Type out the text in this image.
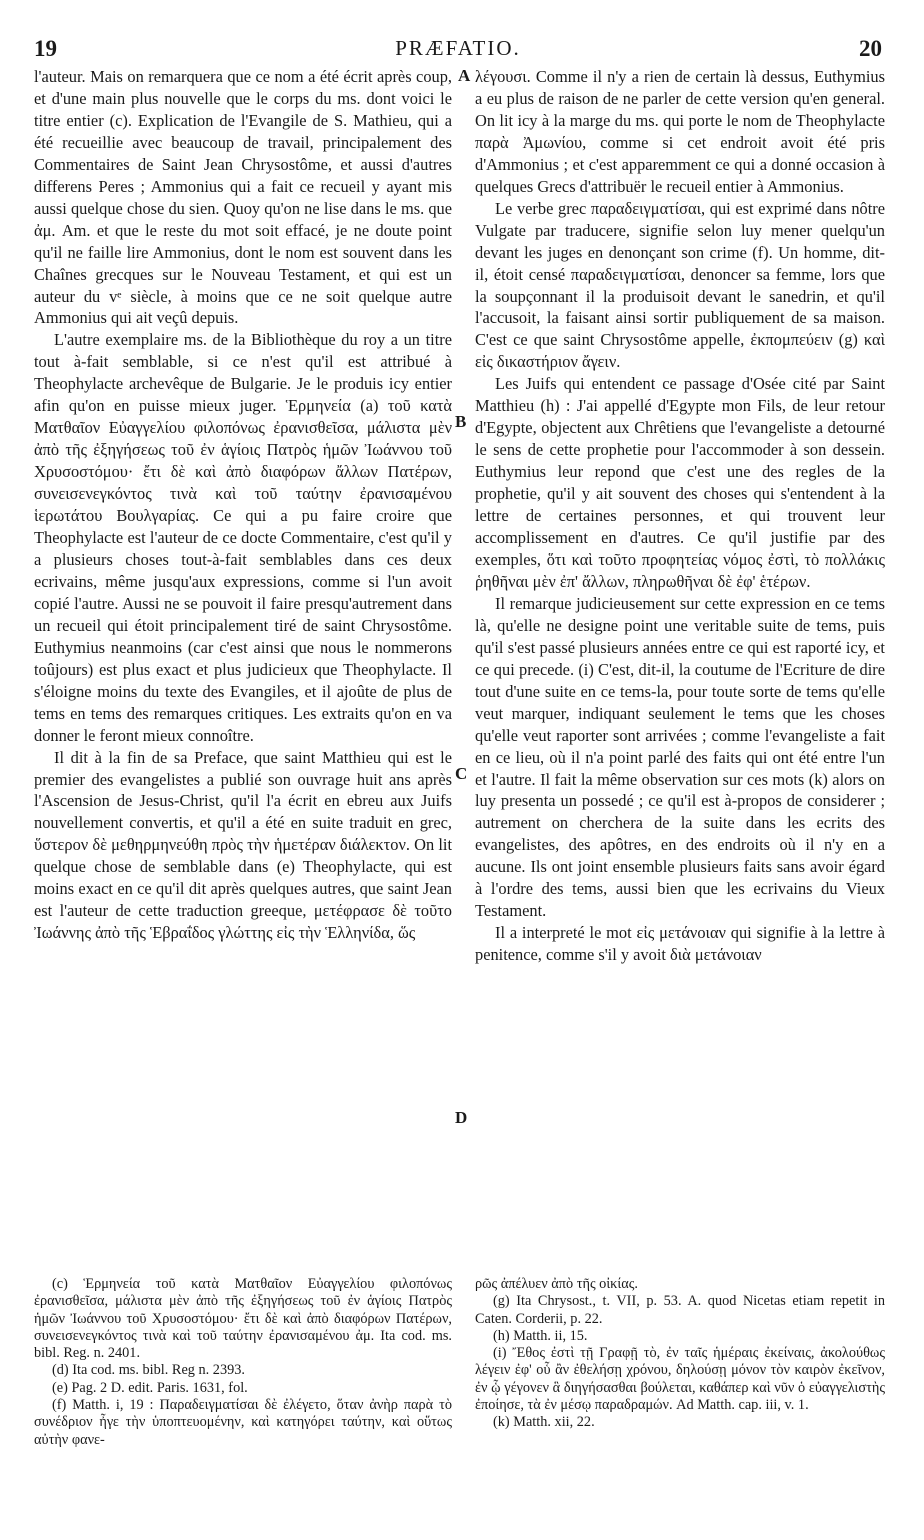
19	PRÆFATIO.	20

l'auteur. Mais on remarquera que ce nom a été écrit après coup, et d'une main plus nouvelle que le corps du ms. dont voici le titre entier (c). Explication de l'Evangile de S. Mathieu, qui a été recueillie avec beaucoup de travail, principalement des Commentaires de Saint Jean Chrysostôme, et aussi d'autres differens Peres ; Ammonius qui a fait ce recueil y ayant mis aussi quelque chose du sien. Quoy qu'on ne lise dans le ms. que ἀμ. Am. et que le reste du mot soit effacé, je ne doute point qu'il ne faille lire Ammonius, dont le nom est souvent dans les Chaînes grecques sur le Nouveau Testament, et qui est un auteur du vᵉ siècle, à moins que ce ne soit quelque autre Ammonius qui ait veçû depuis.

L'autre exemplaire ms. de la Bibliothèque du roy a un titre tout à-fait semblable, si ce n'est qu'il est attribué à Theophylacte archevêque de Bulgarie. Je le produis icy entier afin qu'on en puisse mieux juger. Ἑρμηνεία (a) τοῦ κατὰ Ματθαῖον Εὐαγγελίου φιλοπόνως ἐρανισθεῖσα, μάλιστα μὲν ἀπὸ τῆς ἐξηγήσεως τοῦ ἐν ἁγίοις Πατρὸς ἡμῶν Ἰωάννου τοῦ Χρυσοστόμου· ἔτι δὲ καὶ ἀπὸ διαφόρων ἄλλων Πατέρων, συνεισενεγκόντος τινὰ καὶ τοῦ ταύτην ἐρανισαμένου ἱερωτάτου Βουλγαρίας. Ce qui a pu faire croire que Theophylacte est l'auteur de ce docte Commentaire, c'est qu'il y a plusieurs choses tout-à-fait semblables dans ces deux ecrivains, même jusqu'aux expressions, comme si l'un avoit copié l'autre. Aussi ne se pouvoit il faire presqu'autrement dans un recueil qui étoit principalement tiré de saint Chrysostôme. Euthymius neanmoins (car c'est ainsi que nous le nommerons toûjours) est plus exact et plus judicieux que Theophylacte. Il s'éloigne moins du texte des Evangiles, et il ajoûte de plus de tems en tems des remarques critiques. Les extraits qu'on en va donner le feront mieux connoître.

Il dit à la fin de sa Preface, que saint Matthieu qui est le premier des evangelistes a publié son ouvrage huit ans après l'Ascension de Jesus-Christ, qu'il l'a écrit en ebreu aux Juifs nouvellement convertis, et qu'il a été en suite traduit en grec, ὕστερον δὲ μεθηρμηνεύθη πρὸς τὴν ἡμετέραν διάλεκτον. On lit quelque chose de semblable dans (e) Theophylacte, qui est moins exact en ce qu'il dit après quelques autres, que saint Jean est l'auteur de cette traduction greeque, μετέφρασε δὲ τοῦτο Ἰωάννης ἀπὸ τῆς Ἑβραΐδος γλώττης εἰς τὴν Ἑλληνίδα, ὥς

A
B
C
D

λέγουσι. Comme il n'y a rien de certain là dessus, Euthymius a eu plus de raison de ne parler de cette version qu'en general. On lit icy à la marge du ms. qui porte le nom de Theophylacte παρὰ Ἀμωνίου, comme si cet endroit avoit été pris d'Ammonius ; et c'est apparemment ce qui a donné occasion à quelques Grecs d'attribuër le recueil entier à Ammonius.

Le verbe grec παραδειγματίσαι, qui est exprimé dans nôtre Vulgate par traducere, signifie selon luy mener quelqu'un devant les juges en denonçant son crime (f). Un homme, dit-il, étoit censé παραδειγματίσαι, denoncer sa femme, lors que la soupçonnant il la produisoit devant le sanedrin, et qu'il l'accusoit, la faisant ainsi sortir publiquement de sa maison. C'est ce que saint Chrysostôme appelle, ἐκπομπεύειν (g) καὶ εἰς δικαστήριον ἄγειν.

Les Juifs qui entendent ce passage d'Osée cité par Saint Matthieu (h) : J'ai appellé d'Egypte mon Fils, de leur retour d'Egypte, objectent aux Chrêtiens que l'evangeliste a detourné le sens de cette prophetie pour l'accommoder à son dessein. Euthymius leur repond que c'est une des regles de la prophetie, qu'il y ait souvent des choses qui s'entendent à la lettre de certaines personnes, et qui trouvent leur accomplissement en d'autres. Ce qu'il justifie par des exemples, ὅτι καὶ τοῦτο προφητείας νόμος ἐστὶ, τὸ πολλάκις ῥηθῆναι μὲν ἐπ' ἄλλων, πληρωθῆναι δὲ ἐφ' ἑτέρων.

Il remarque judicieusement sur cette expression en ce tems là, qu'elle ne designe point une veritable suite de tems, puis qu'il s'est passé plusieurs années entre ce qui est raporté icy, et ce qui precede. (i) C'est, dit-il, la coutume de l'Ecriture de dire tout d'une suite en ce tems-la, pour toute sorte de tems qu'elle veut marquer, indiquant seulement le tems que les choses qu'elle veut raporter sont arrivées ; comme l'evangeliste a fait en ce lieu, où il n'a point parlé des faits qui ont été entre l'un et l'autre. Il fait la même observation sur ces mots (k) alors on luy presenta un possedé ; ce qu'il est à-propos de considerer ; autrement on cherchera de la suite dans les ecrits des evangelistes, des apôtres, en des endroits où il n'y en a aucune. Ils ont joint ensemble plusieurs faits sans avoir égard à l'ordre des tems, aussi bien que les ecrivains du Vieux Testament.

Il a interpreté le mot εἰς μετάνοιαν qui signifie à la lettre à penitence, comme s'il y avoit διὰ μετάνοιαν

(c) Ἑρμηνεία τοῦ κατὰ Ματθαῖον Εὐαγγελίου φιλοπόνως ἐρανισθεῖσα, μάλιστα μὲν ἀπὸ τῆς ἐξηγήσεως τοῦ ἐν ἁγίοις Πατρὸς ἡμῶν Ἰωάννου τοῦ Χρυσοστόμου· ἔτι δὲ καὶ ἀπὸ διαφόρων Πατέρων, συνεισενεγκόντος τινὰ καὶ τοῦ ταύτην ἐρανισαμένου ἀμ. Ita cod. ms. bibl. Reg. n. 2401.

(d) Ita cod. ms. bibl. Reg n. 2393.

(e) Pag. 2 D. edit. Paris. 1631, fol.

(f) Matth. i, 19 : Παραδειγματίσαι δὲ ἐλέγετο, ὅταν ἀνὴρ παρὰ τὸ συνέδριον ἦγε τὴν ὑποπτευομένην, καὶ κατηγόρει ταύτην, καὶ οὕτως αὐτὴν φανε-

ρῶς ἀπέλυεν ἀπὸ τῆς οἰκίας.

(g) Ita Chrysost., t. VII, p. 53. A. quod Nicetas etiam repetit in Caten. Corderii, p. 22.

(h) Matth. ii, 15.

(i) Ἔθος ἐστὶ τῇ Γραφῇ τὸ, ἐν ταῖς ἡμέραις ἐκείναις, ἀκολούθως λέγειν ἐφ' οὗ ἂν ἐθελήσῃ χρόνου, δηλούσῃ μόνον τὸν καιρὸν ἐκεῖνον, ἐν ᾧ γέγονεν ἃ διηγήσασθαι βούλεται, καθάπερ καὶ νῦν ὁ εὐαγγελιστὴς ἐποίησε, τὰ ἐν μέσῳ παραδραμών. Ad Matth. cap. iii, v. 1.

(k) Matth. xii, 22.
